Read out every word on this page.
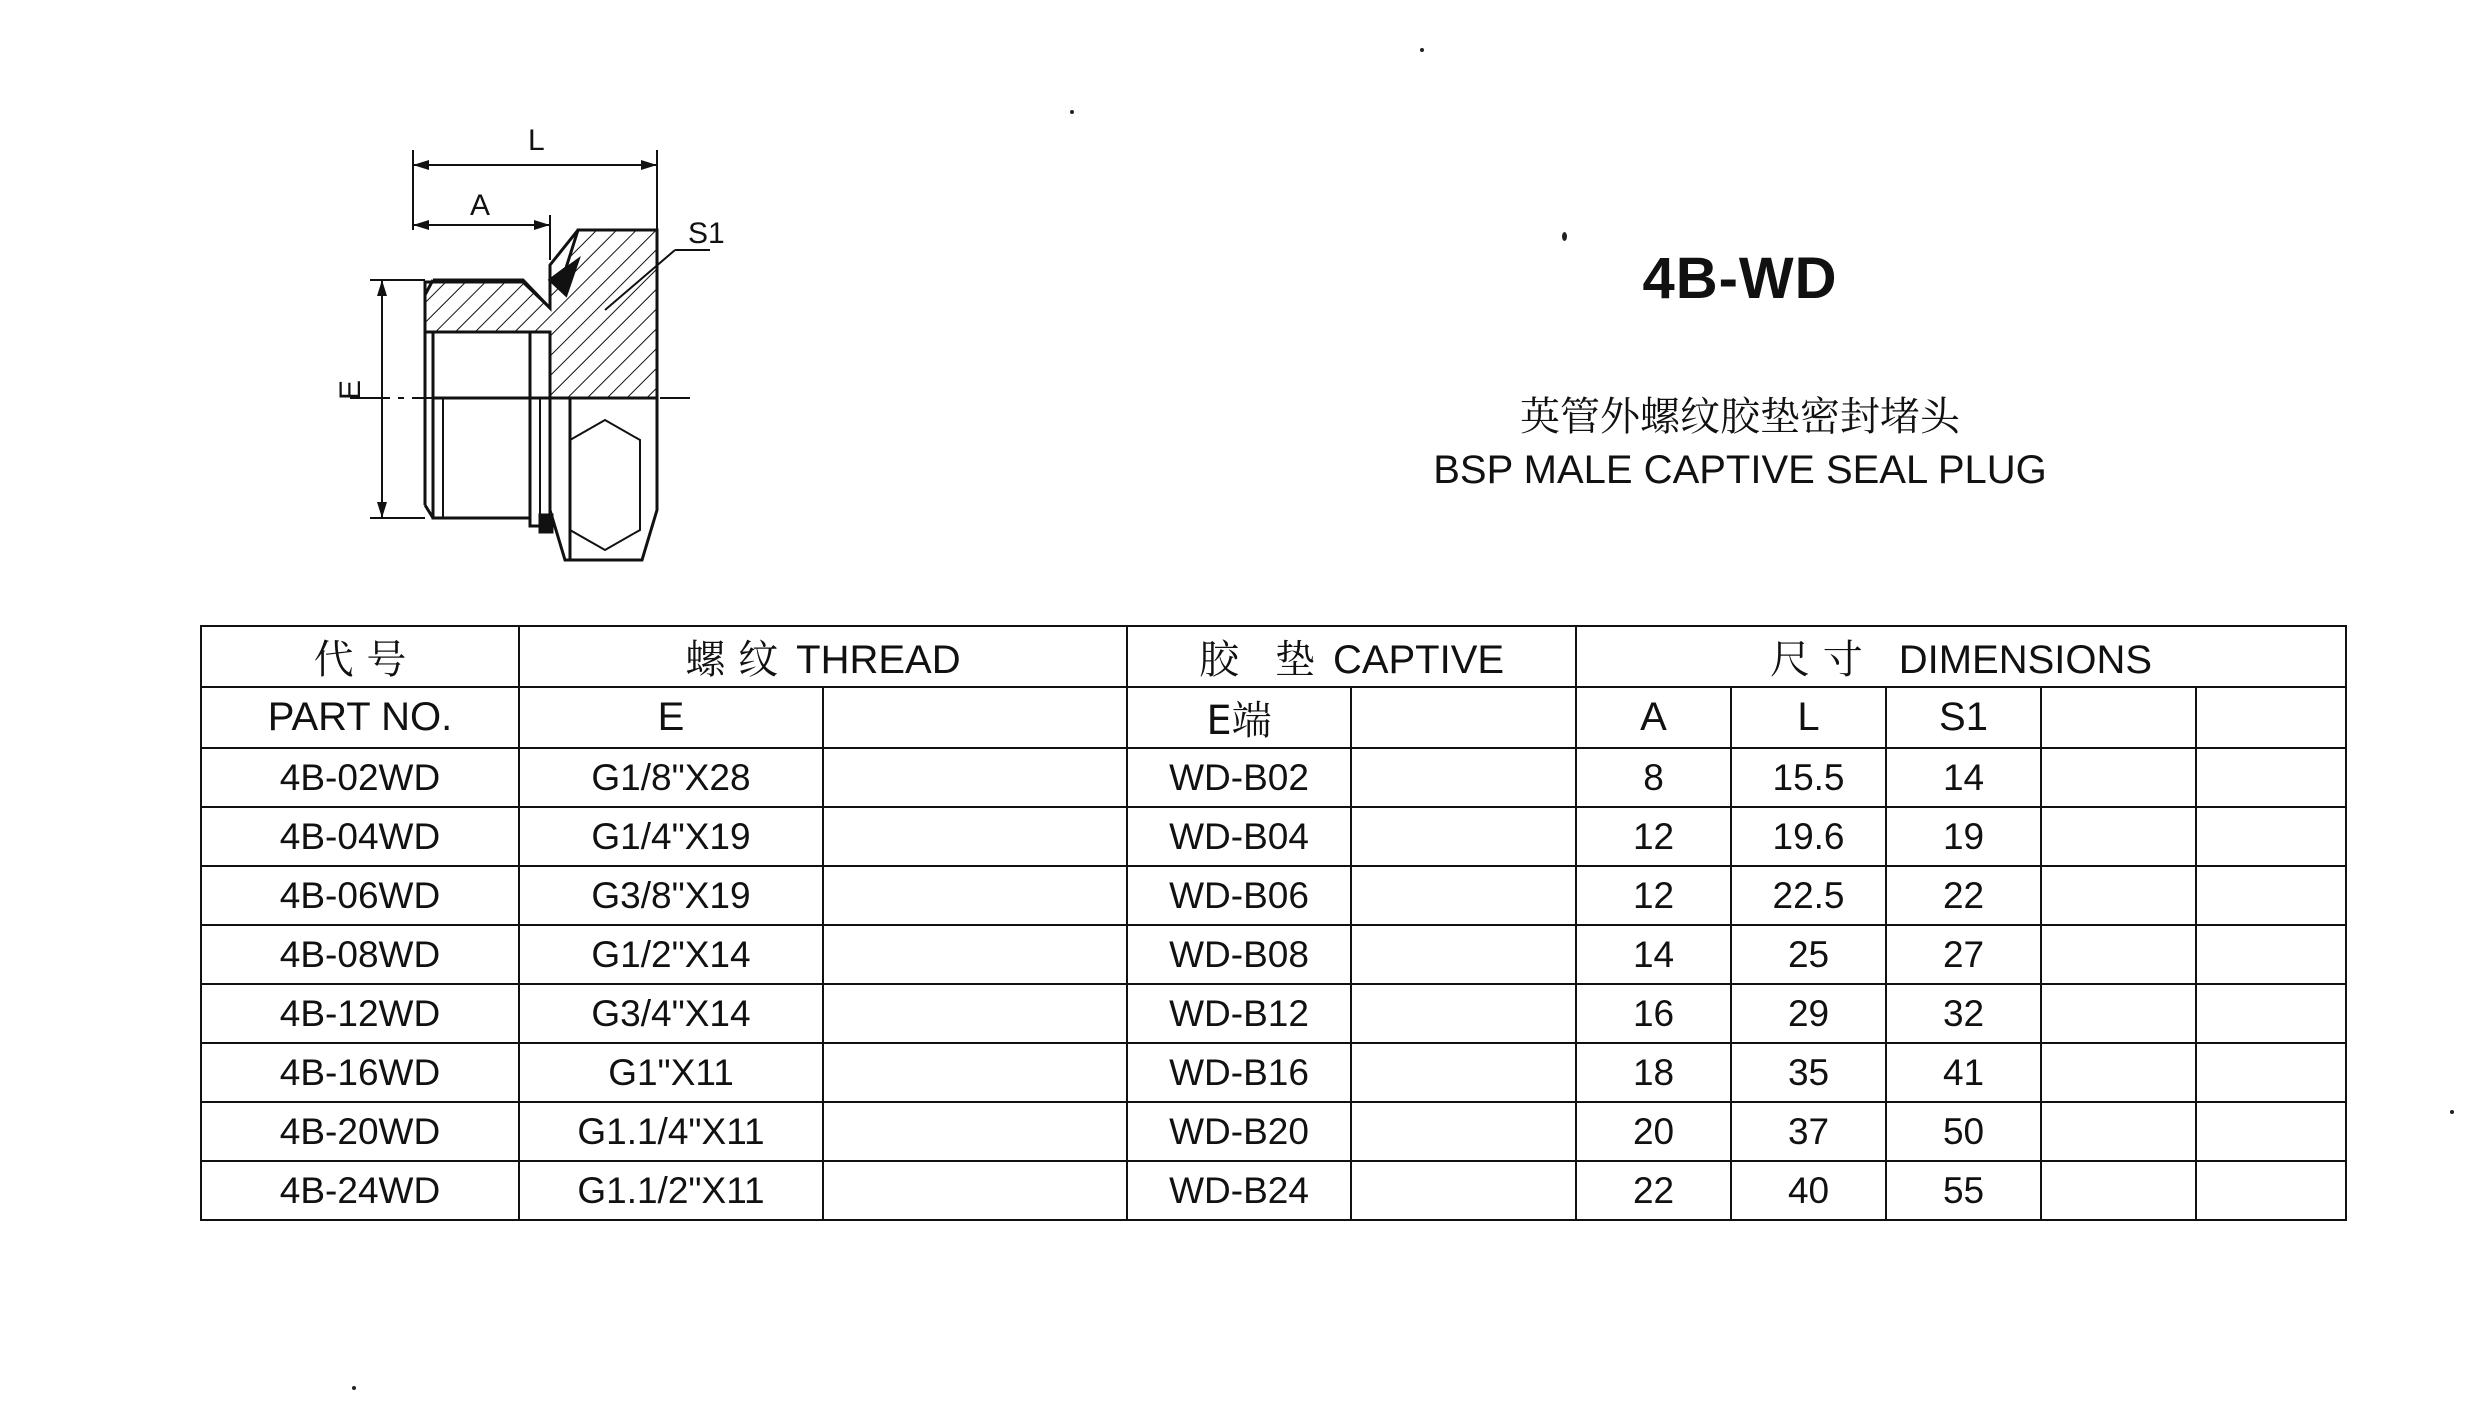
L
A
S1
E
4B-WD
英管外螺纹胶垫密封堵头
BSP MALE CAPTIVE SEAL PLUG
代 号	螺 纹 THREAD		胶 垫 CAPTIVE		尺 寸 DIMENSIONS				
PART NO.	E		E端		A	L	S1		
4B-02WD	G1/8"X28		WD-B02		8	15.5	14		
4B-04WD	G1/4"X19		WD-B04		12	19.6	19		
4B-06WD	G3/8"X19		WD-B06		12	22.5	22		
4B-08WD	G1/2"X14		WD-B08		14	25	27		
4B-12WD	G3/4"X14		WD-B12		16	29	32		
4B-16WD	G1"X11		WD-B16		18	35	41		
4B-20WD	G1.1/4"X11		WD-B20		20	37	50		
4B-24WD	G1.1/2"X11		WD-B24		22	40	55		
